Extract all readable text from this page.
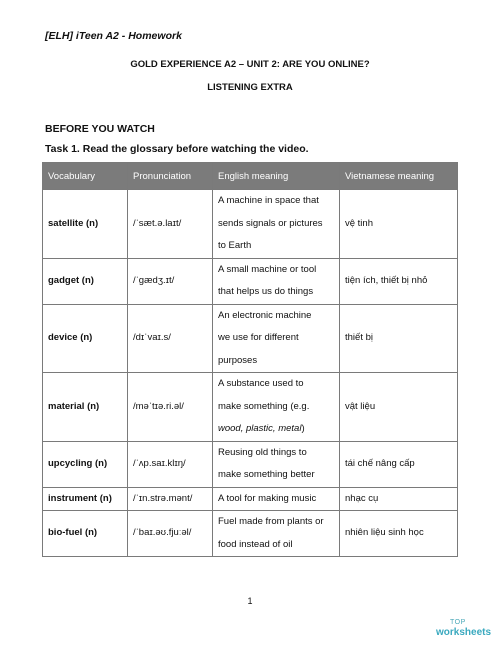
[ELH] iTeen A2 - Homework
GOLD EXPERIENCE A2 – UNIT 2: ARE YOU ONLINE?
LISTENING EXTRA
BEFORE YOU WATCH
Task 1. Read the glossary before watching the video.
Vocabulary	Pronunciation	English meaning	Vietnamese meaning
satellite (n)	/ˈsæt.ə.laɪt/	A machine in space that
sends signals or pictures
to Earth	vệ tinh
gadget (n)	/ˈɡædʒ.ɪt/	A small machine or tool
that helps us do things	tiện ích, thiết bị nhỏ
device (n)	/dɪˈvaɪ.s/	An electronic machine
we use for different
purposes	thiết bị
material (n)	/məˈtɪə.ri.əl/	A substance used to
make something (e.g.
wood, plastic, metal)	vật liệu
upcycling (n)	/ˈʌp.saɪ.klɪŋ/	Reusing old things to
make something better	tái chế nâng cấp
instrument (n)	/ˈɪn.strə.mənt/	A tool for making music	nhạc cụ
bio-fuel (n)	/ˈbaɪ.əʊ.fjuːəl/	Fuel made from plants or
food instead of oil	nhiên liệu sinh học
1
TOP
worksheets
